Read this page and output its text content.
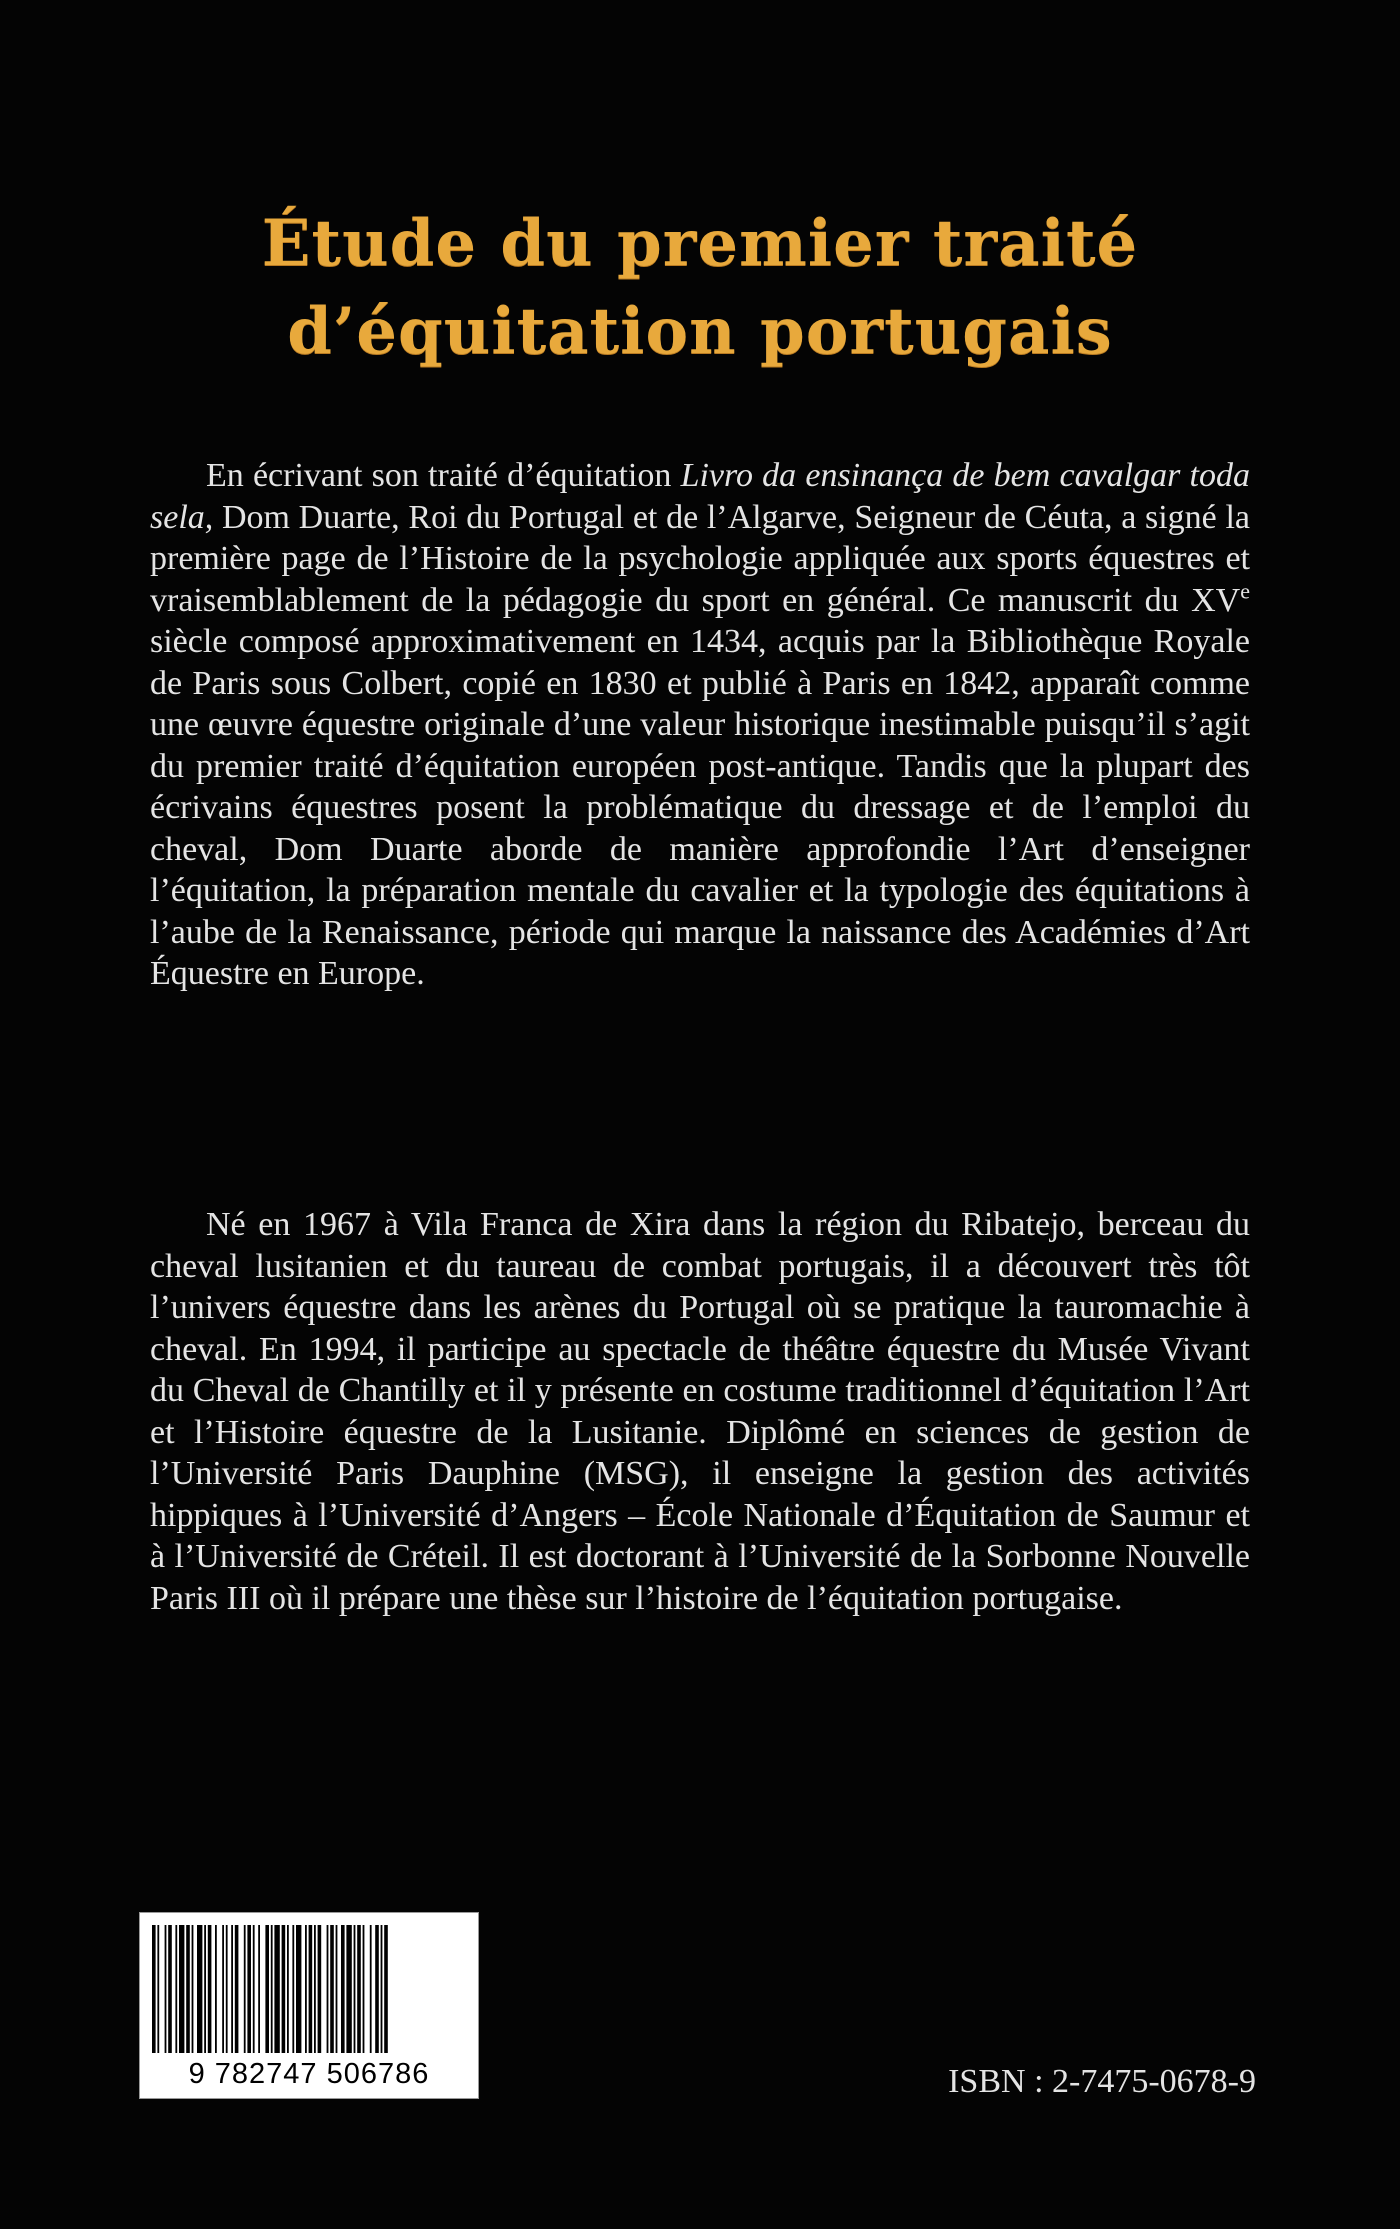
Étude du premier traité
d’équitation portugais

En écrivant son traité d’équitation Livro da ensinança de bem cavalgar toda sela, Dom Duarte, Roi du Portugal et de l’Algarve, Seigneur de Céuta, a signé la première page de l’Histoire de la psychologie appliquée aux sports équestres et vraisemblablement de la pédagogie du sport en général. Ce manuscrit du XVe siècle composé approximativement en 1434, acquis par la Bibliothèque Royale de Paris sous Colbert, copié en 1830 et publié à Paris en 1842, apparaît comme une œuvre équestre originale d’une valeur historique inestimable puisqu’il s’agit du premier traité d’équitation européen post-antique. Tandis que la plupart des écrivains équestres posent la problématique du dressage et de l’emploi du cheval, Dom Duarte aborde de manière approfondie l’Art d’enseigner l’équitation, la préparation mentale du cavalier et la typologie des équitations à l’aube de la Renaissance, période qui marque la naissance des Académies d’Art Équestre en Europe.

Né en 1967 à Vila Franca de Xira dans la région du Ribatejo, berceau du cheval lusitanien et du taureau de combat portugais, il a découvert très tôt l’univers équestre dans les arènes du Portugal où se pratique la tauromachie à cheval. En 1994, il participe au spectacle de théâtre équestre du Musée Vivant du Cheval de Chantilly et il y présente en costume traditionnel d’équitation l’Art et l’Histoire équestre de la Lusitanie. Diplômé en sciences de gestion de l’Université Paris Dauphine (MSG), il enseigne la gestion des activités hippiques à l’Université d’Angers – École Nationale d’Équitation de Saumur et à l’Université de Créteil. Il est doctorant à l’Université de la Sorbonne Nouvelle Paris III où il prépare une thèse sur l’histoire de l’équitation portugaise.

9 782747 506786	ISBN : 2-7475-0678-9
